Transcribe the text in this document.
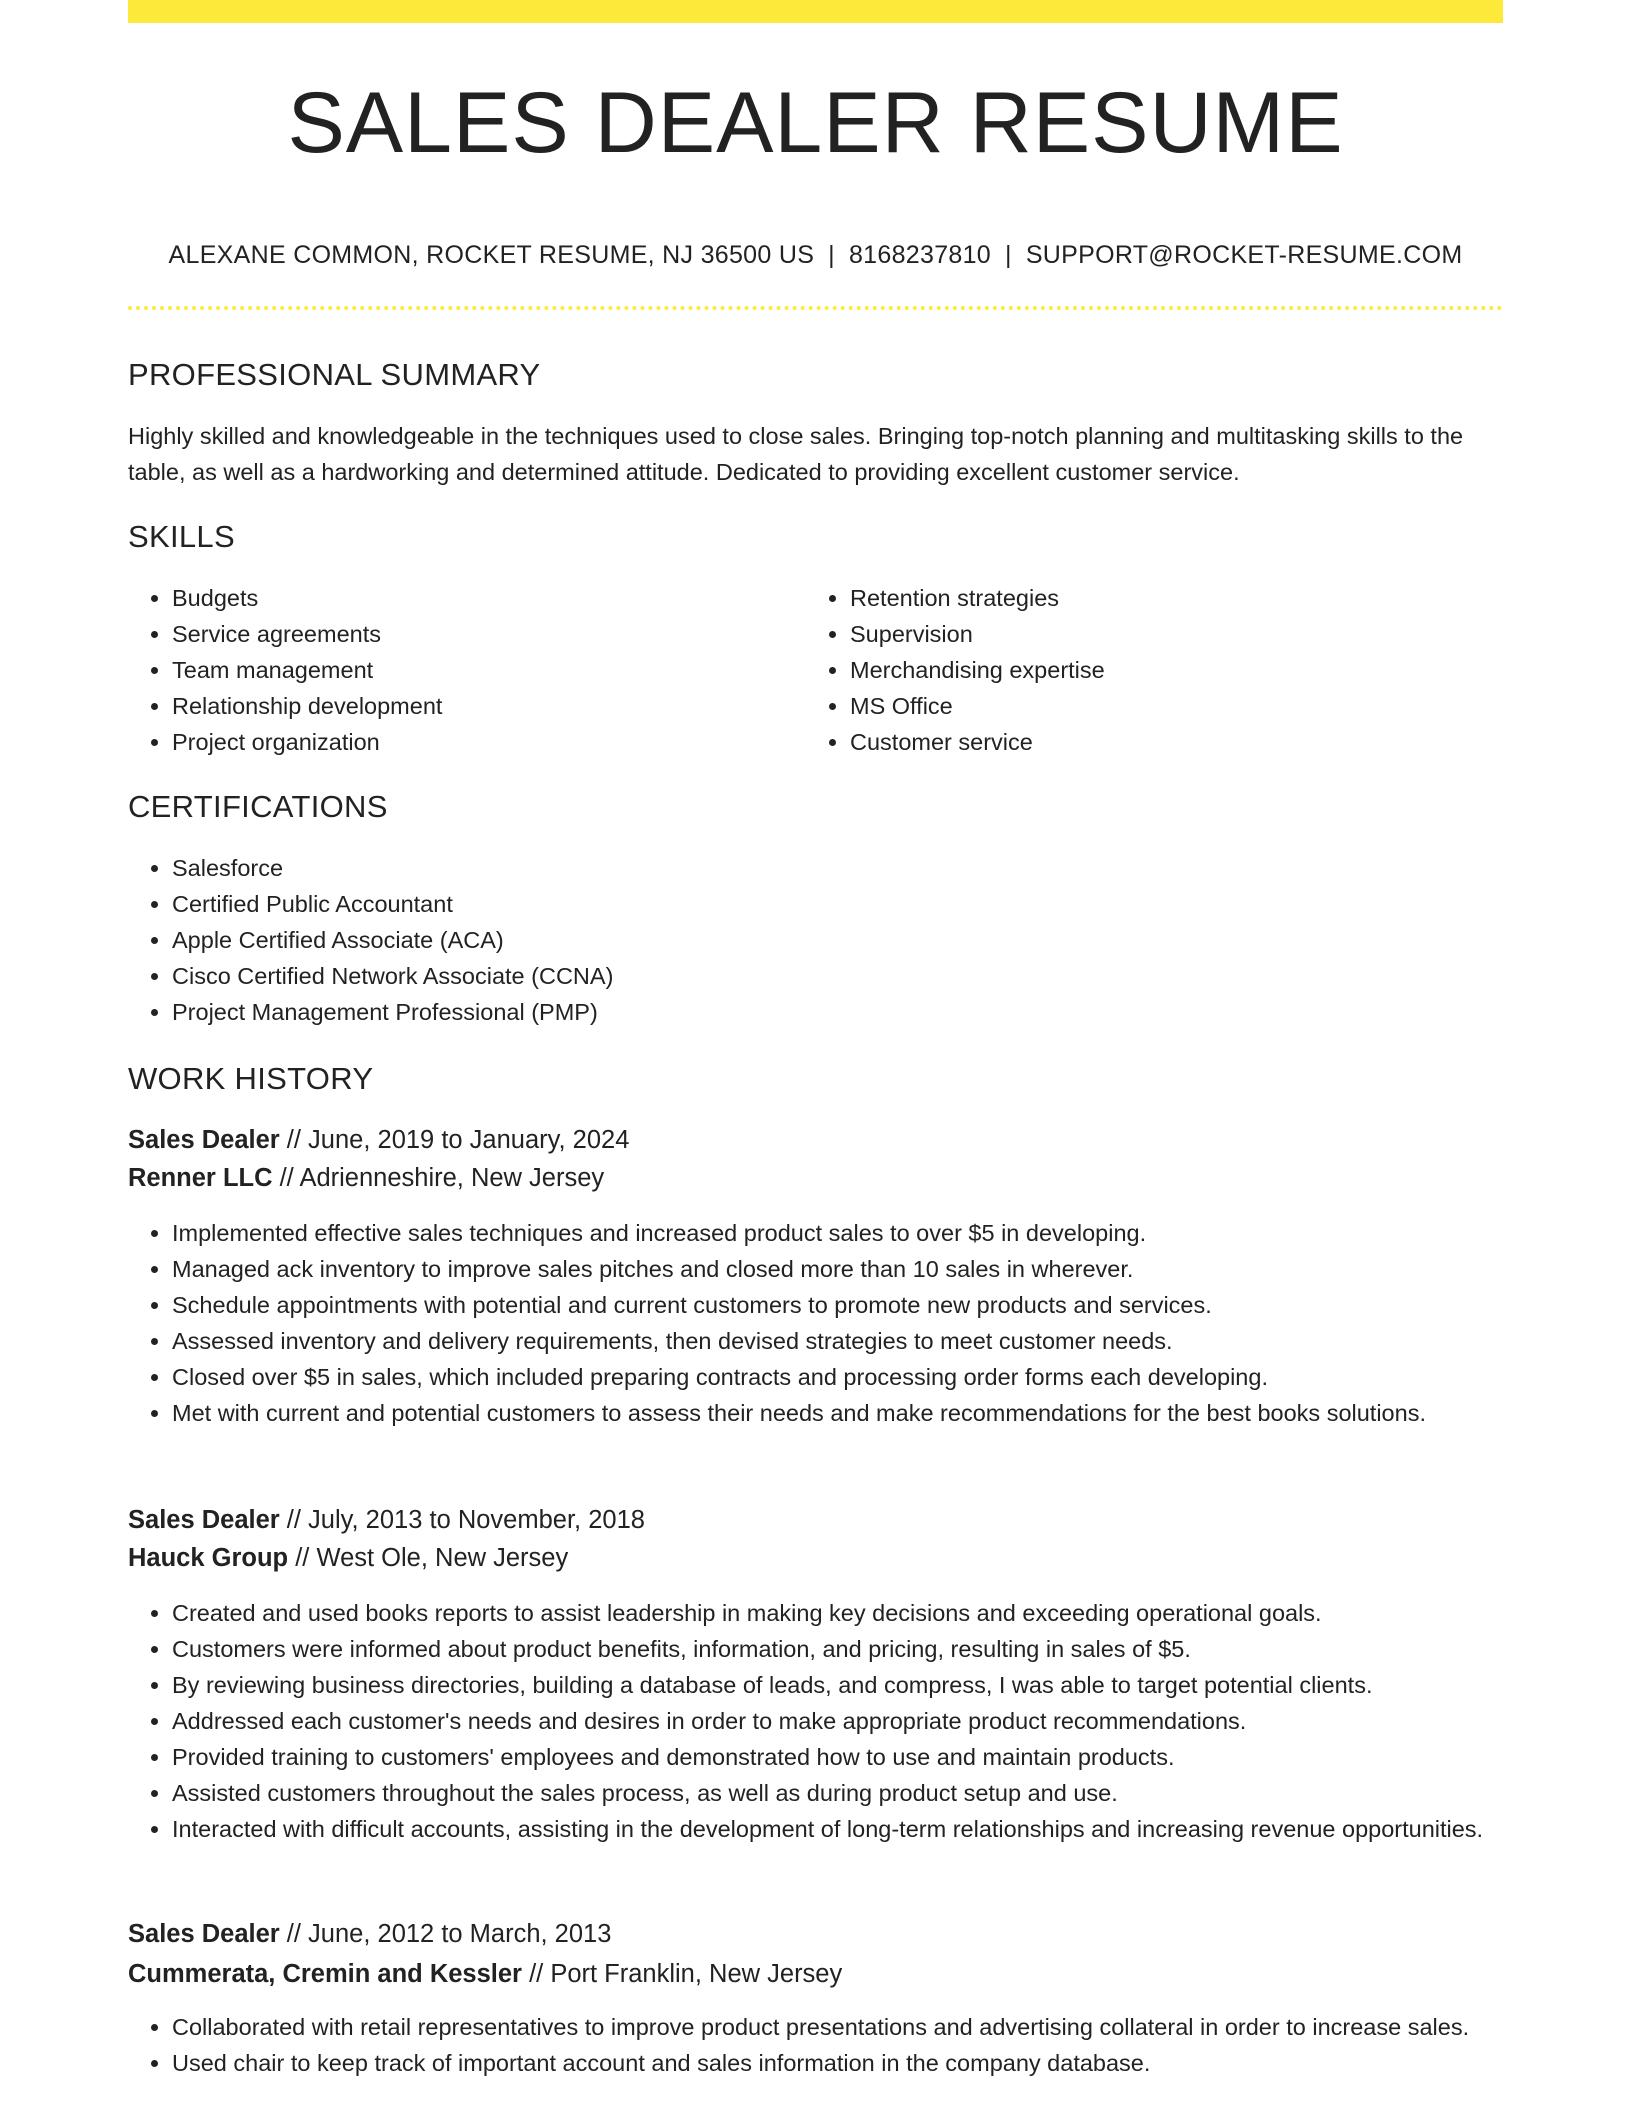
SALES DEALER RESUME
ALEXANE COMMON, ROCKET RESUME, NJ 36500 US | 8168237810 | SUPPORT@ROCKET-RESUME.COM
PROFESSIONAL SUMMARY

Highly skilled and knowledgeable in the techniques used to close sales. Bringing top-notch planning and multitasking skills to the table, as well as a hardworking and determined attitude. Dedicated to providing excellent customer service.

SKILLS
• Budgets
• Service agreements
• Team management
• Relationship development
• Project organization
• Retention strategies
• Supervision
• Merchandising expertise
• MS Office
• Customer service
CERTIFICATIONS
• Salesforce
• Certified Public Accountant
• Apple Certified Associate (ACA)
• Cisco Certified Network Associate (CCNA)
• Project Management Professional (PMP)
WORK HISTORY
Sales Dealer // June, 2019 to January, 2024
Renner LLC // Adrienneshire, New Jersey
• Implemented effective sales techniques and increased product sales to over $5 in developing.
• Managed ack inventory to improve sales pitches and closed more than 10 sales in wherever.
• Schedule appointments with potential and current customers to promote new products and services.
• Assessed inventory and delivery requirements, then devised strategies to meet customer needs.
• Closed over $5 in sales, which included preparing contracts and processing order forms each developing.
• Met with current and potential customers to assess their needs and make recommendations for the best books solutions.
Sales Dealer // July, 2013 to November, 2018
Hauck Group // West Ole, New Jersey
• Created and used books reports to assist leadership in making key decisions and exceeding operational goals.
• Customers were informed about product benefits, information, and pricing, resulting in sales of $5.
• By reviewing business directories, building a database of leads, and compress, I was able to target potential clients.
• Addressed each customer's needs and desires in order to make appropriate product recommendations.
• Provided training to customers' employees and demonstrated how to use and maintain products.
• Assisted customers throughout the sales process, as well as during product setup and use.
• Interacted with difficult accounts, assisting in the development of long-term relationships and increasing revenue opportunities.
Sales Dealer // June, 2012 to March, 2013
Cummerata, Cremin and Kessler // Port Franklin, New Jersey
• Collaborated with retail representatives to improve product presentations and advertising collateral in order to increase sales.
• Used chair to keep track of important account and sales information in the company database.
